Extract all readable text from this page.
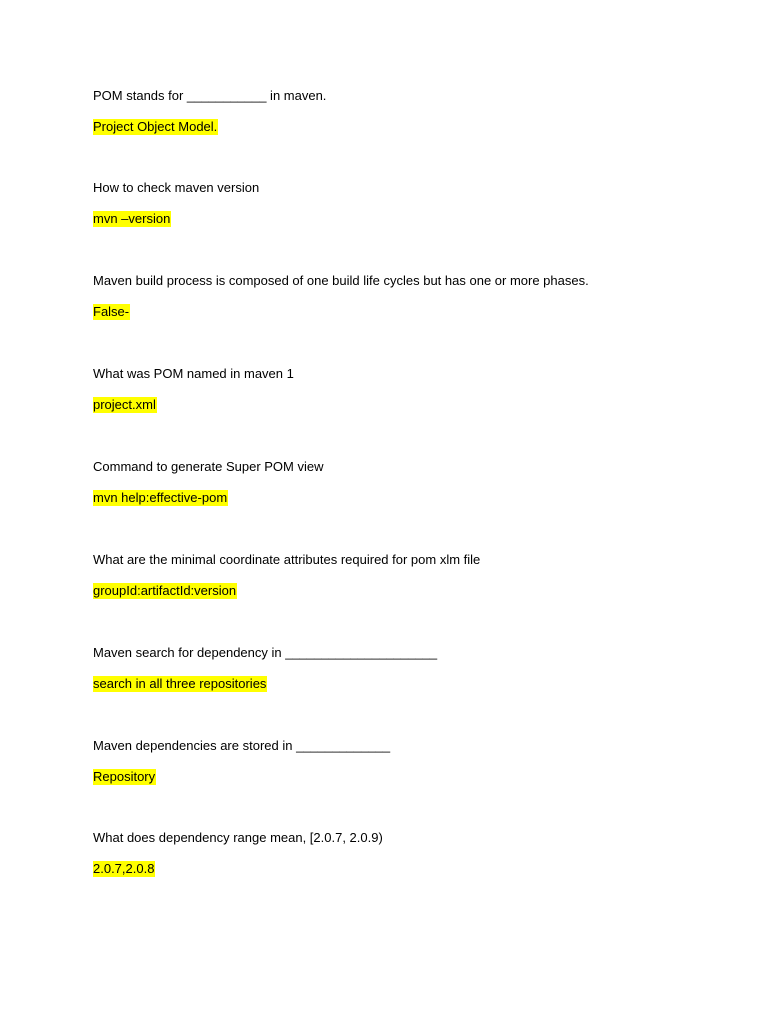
POM stands for ___________ in maven.
Project Object Model.
How to check maven version
mvn –version
Maven build process is composed of one build life cycles but has one or more phases.
False-
What was POM named in maven 1
project.xml
Command to generate Super POM view
mvn help:effective-pom
What are the minimal coordinate attributes required for pom xlm file
groupId:artifactId:version
Maven search for dependency in _____________________
search in all three repositories
Maven dependencies are stored in _____________
Repository
What does dependency range mean, [2.0.7, 2.0.9)
2.0.7,2.0.8
